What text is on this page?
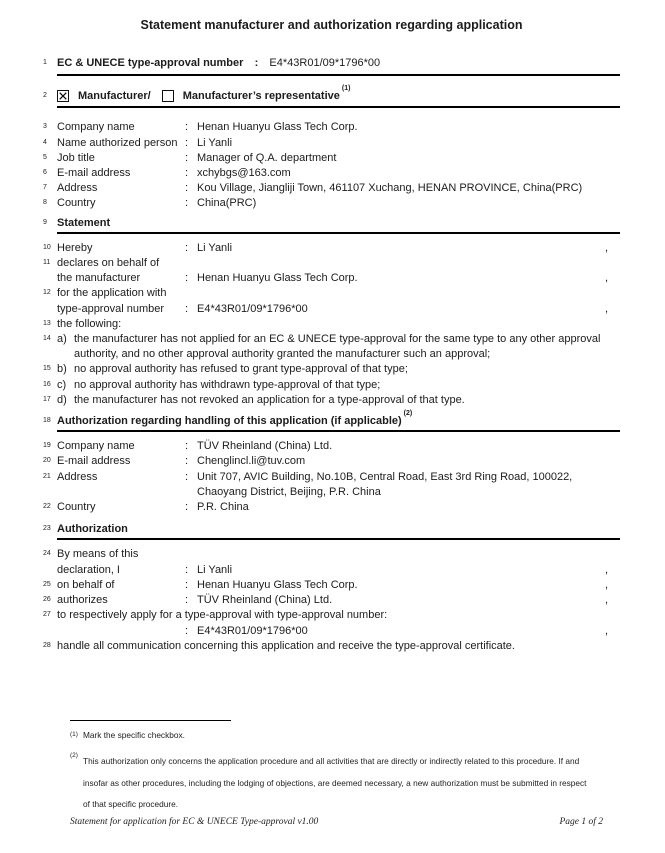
Statement manufacturer and authorization regarding application
1 EC & UNECE type-approval number	:	E4*43R01/09*1796*00
2	Manufacturer/	Manufacturer’s representative
(1)
3 Company name	: Henan Huanyu Glass Tech Corp.
4 Name authorized person : Li Yanli
5 Job title	: Manager of Q.A. department
6 E-mail address	: xchybgs@163.com
7 Address	: Kou Village, Jiangliji Town, 461107 Xuchang, HENAN PROVINCE, China(PRC)
8 Country	: China(PRC)
9 Statement
10 Hereby	: Li Yanli	,
11 declares on behalf of
the manufacturer	: Henan Huanyu Glass Tech Corp.	,
12 for the application with
type-approval number	: E4*43R01/09*1796*00	,
13 the following:
14 a) the manufacturer has not applied for an EC & UNECE type-approval for the same type to any other approval authority, and no other approval authority granted the manufacturer such an approval;
15 b) no approval authority has refused to grant type-approval of that type;
16 c) no approval authority has withdrawn type-approval of that type;
17 d) the manufacturer has not revoked an application for a type-approval of that type.
18 Authorization regarding handling of this application (if applicable)
(2)
19 Company name	: TÜV Rheinland (China) Ltd.
20 E-mail address	: Chenglincl.li@tuv.com
21 Address	: Unit 707, AVIC Building, No.10B, Central Road, East 3rd Ring Road, 100022,
Chaoyang District, Beijing, P.R. China
22 Country	: P.R. China
23 Authorization
24 By means of this
declaration, I	: Li Yanli	,
25 on behalf of	: Henan Huanyu Glass Tech Corp.	,
26 authorizes	: TÜV Rheinland (China) Ltd.	,
27 to respectively apply for a type-approval with type-approval number:
: E4*43R01/09*1796*00	,
28 handle all communication concerning this application and receive the type-approval certificate.
(1) Mark the specific checkbox.
(2)
This authorization only concerns the application procedure and all activities that are directly or indirectly related to this procedure. If and insofar as other procedures, including the lodging of objections, are deemed necessary, a new authorization must be submitted in respect of that specific procedure.
Statement for application for EC & UNECE Type-approval v1.00	Page 1 of 2
